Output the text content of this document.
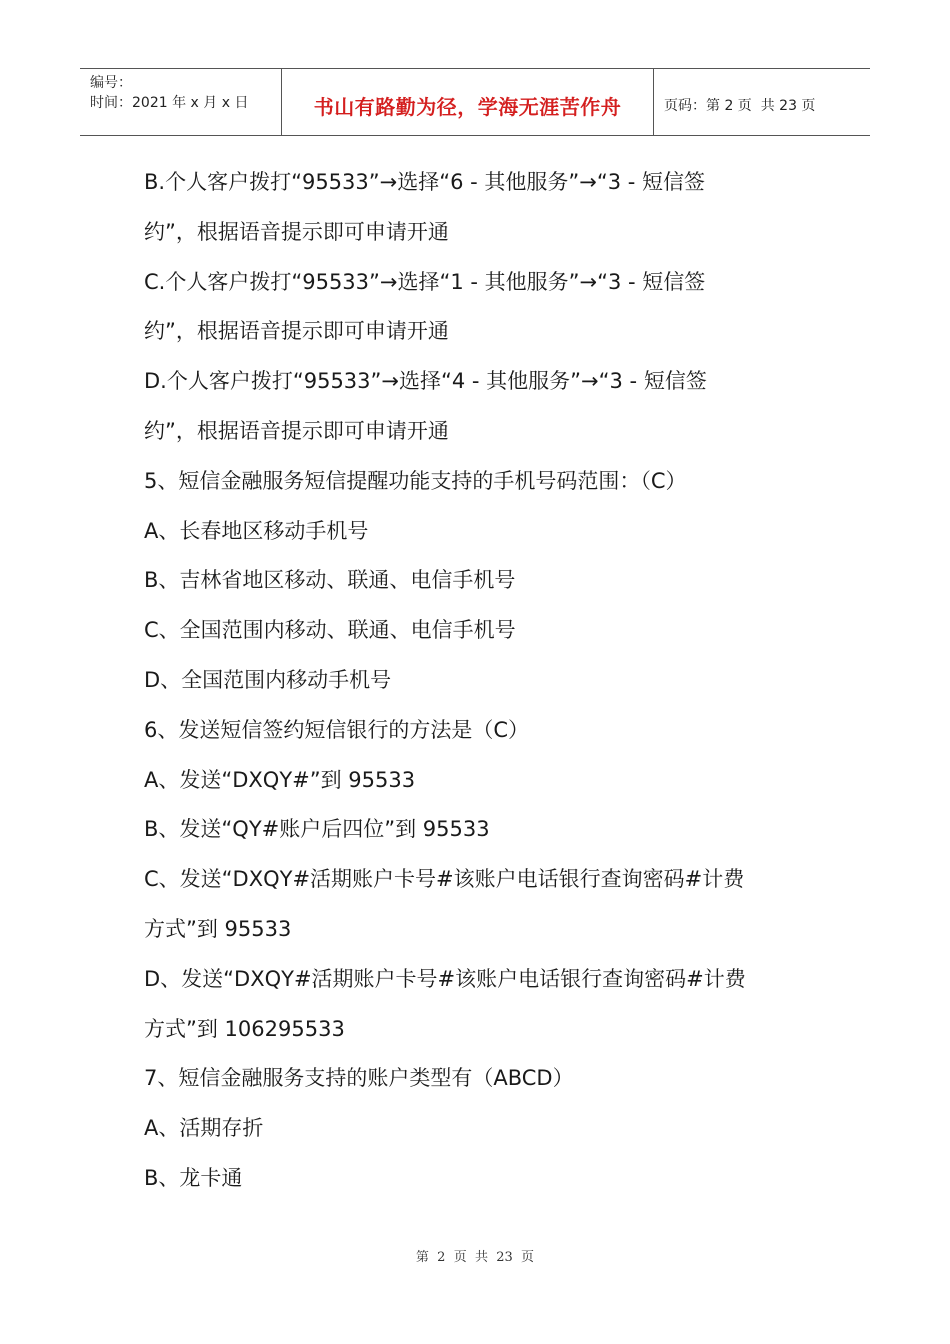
编号：
时间：2021 年 x 月 x 日	书山有路勤为径，学海无涯苦作舟	页码：第 2 页  共 23 页
B.个人客户拨打“95533”→选择“6 - 其他服务”→“3 - 短信签
约”，根据语音提示即可申请开通
C.个人客户拨打“95533”→选择“1 - 其他服务”→“3 - 短信签
约”，根据语音提示即可申请开通
D.个人客户拨打“95533”→选择“4 - 其他服务”→“3 - 短信签
约”，根据语音提示即可申请开通
5、短信金融服务短信提醒功能支持的手机号码范围：（C）
A、长春地区移动手机号
B、吉林省地区移动、联通、电信手机号
C、全国范围内移动、联通、电信手机号
D、全国范围内移动手机号
6、发送短信签约短信银行的方法是（C）
A、发送“DXQY#”到 95533
B、发送“QY#账户后四位”到 95533
C、发送“DXQY#活期账户卡号#该账户电话银行查询密码#计费
方式”到 95533
D、发送“DXQY#活期账户卡号#该账户电话银行查询密码#计费
方式”到 106295533
7、短信金融服务支持的账户类型有（ABCD）
A、活期存折
B、龙卡通
第  2  页  共  23  页
